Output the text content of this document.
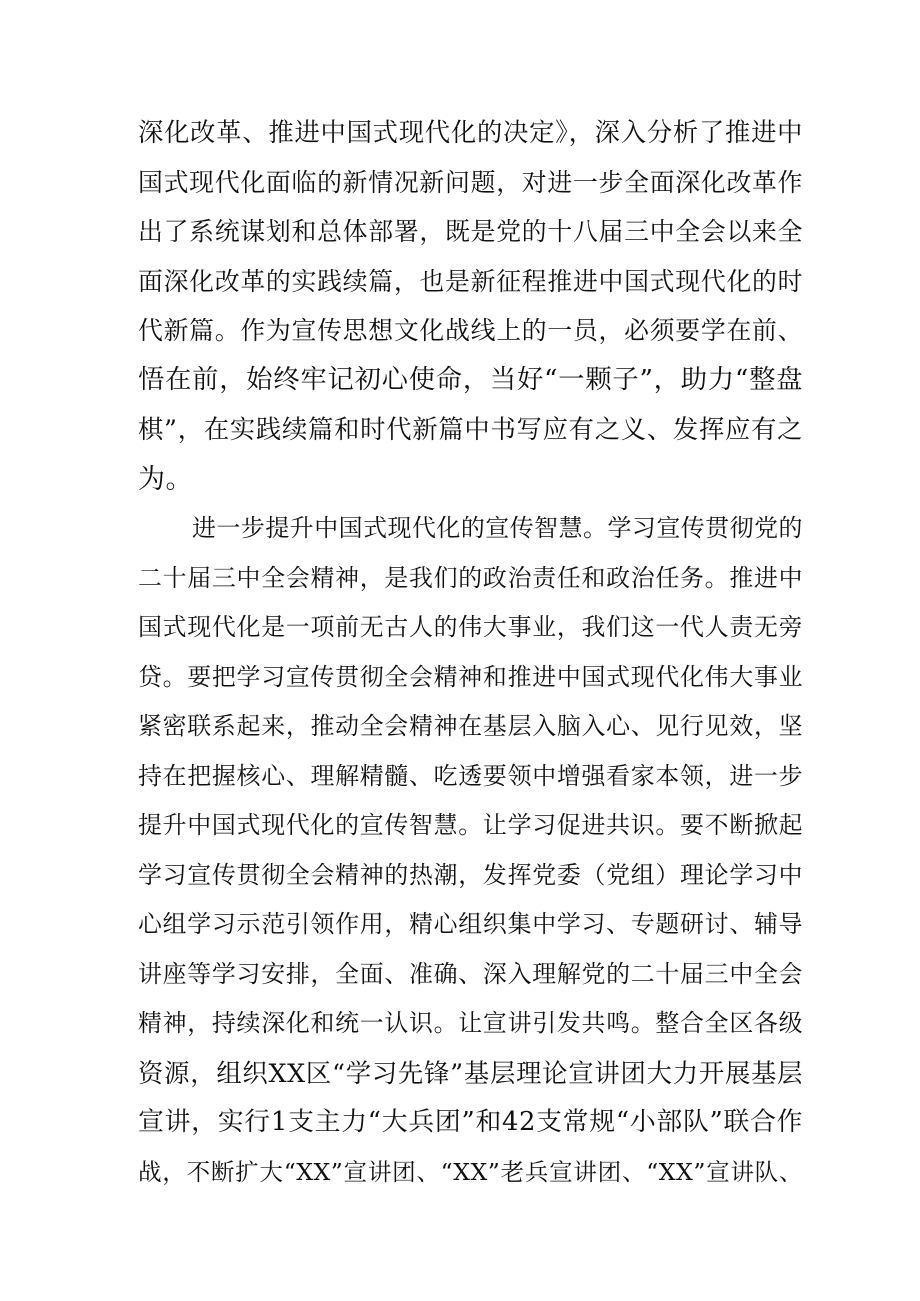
深化改革、推进中国式现代化的决定》，深入分析了推进中
国式现代化面临的新情况新问题，对进一步全面深化改革作
出了系统谋划和总体部署，既是党的十八届三中全会以来全
面深化改革的实践续篇，也是新征程推进中国式现代化的时
代新篇。作为宣传思想文化战线上的一员，必须要学在前、
悟在前，始终牢记初心使命，当好“一颗子”，助力“整盘
棋”，在实践续篇和时代新篇中书写应有之义、发挥应有之
为。
进一步提升中国式现代化的宣传智慧。学习宣传贯彻党的
二十届三中全会精神，是我们的政治责任和政治任务。推进中
国式现代化是一项前无古人的伟大事业，我们这一代人责无旁
贷。要把学习宣传贯彻全会精神和推进中国式现代化伟大事业
紧密联系起来，推动全会精神在基层入脑入心、见行见效，坚
持在把握核心、理解精髓、吃透要领中增强看家本领，进一步
提升中国式现代化的宣传智慧。让学习促进共识。要不断掀起
学习宣传贯彻全会精神的热潮，发挥党委（党组）理论学习中
心组学习示范引领作用，精心组织集中学习、专题研讨、辅导
讲座等学习安排，全面、准确、深入理解党的二十届三中全会
精神，持续深化和统一认识。让宣讲引发共鸣。整合全区各级
资源，组织XX区“学习先锋”基层理论宣讲团大力开展基层
宣讲，实行1支主力“大兵团”和42支常规“小部队”联合作
战，不断扩大“XX”宣讲团、“XX”老兵宣讲团、“XX”宣讲队、
